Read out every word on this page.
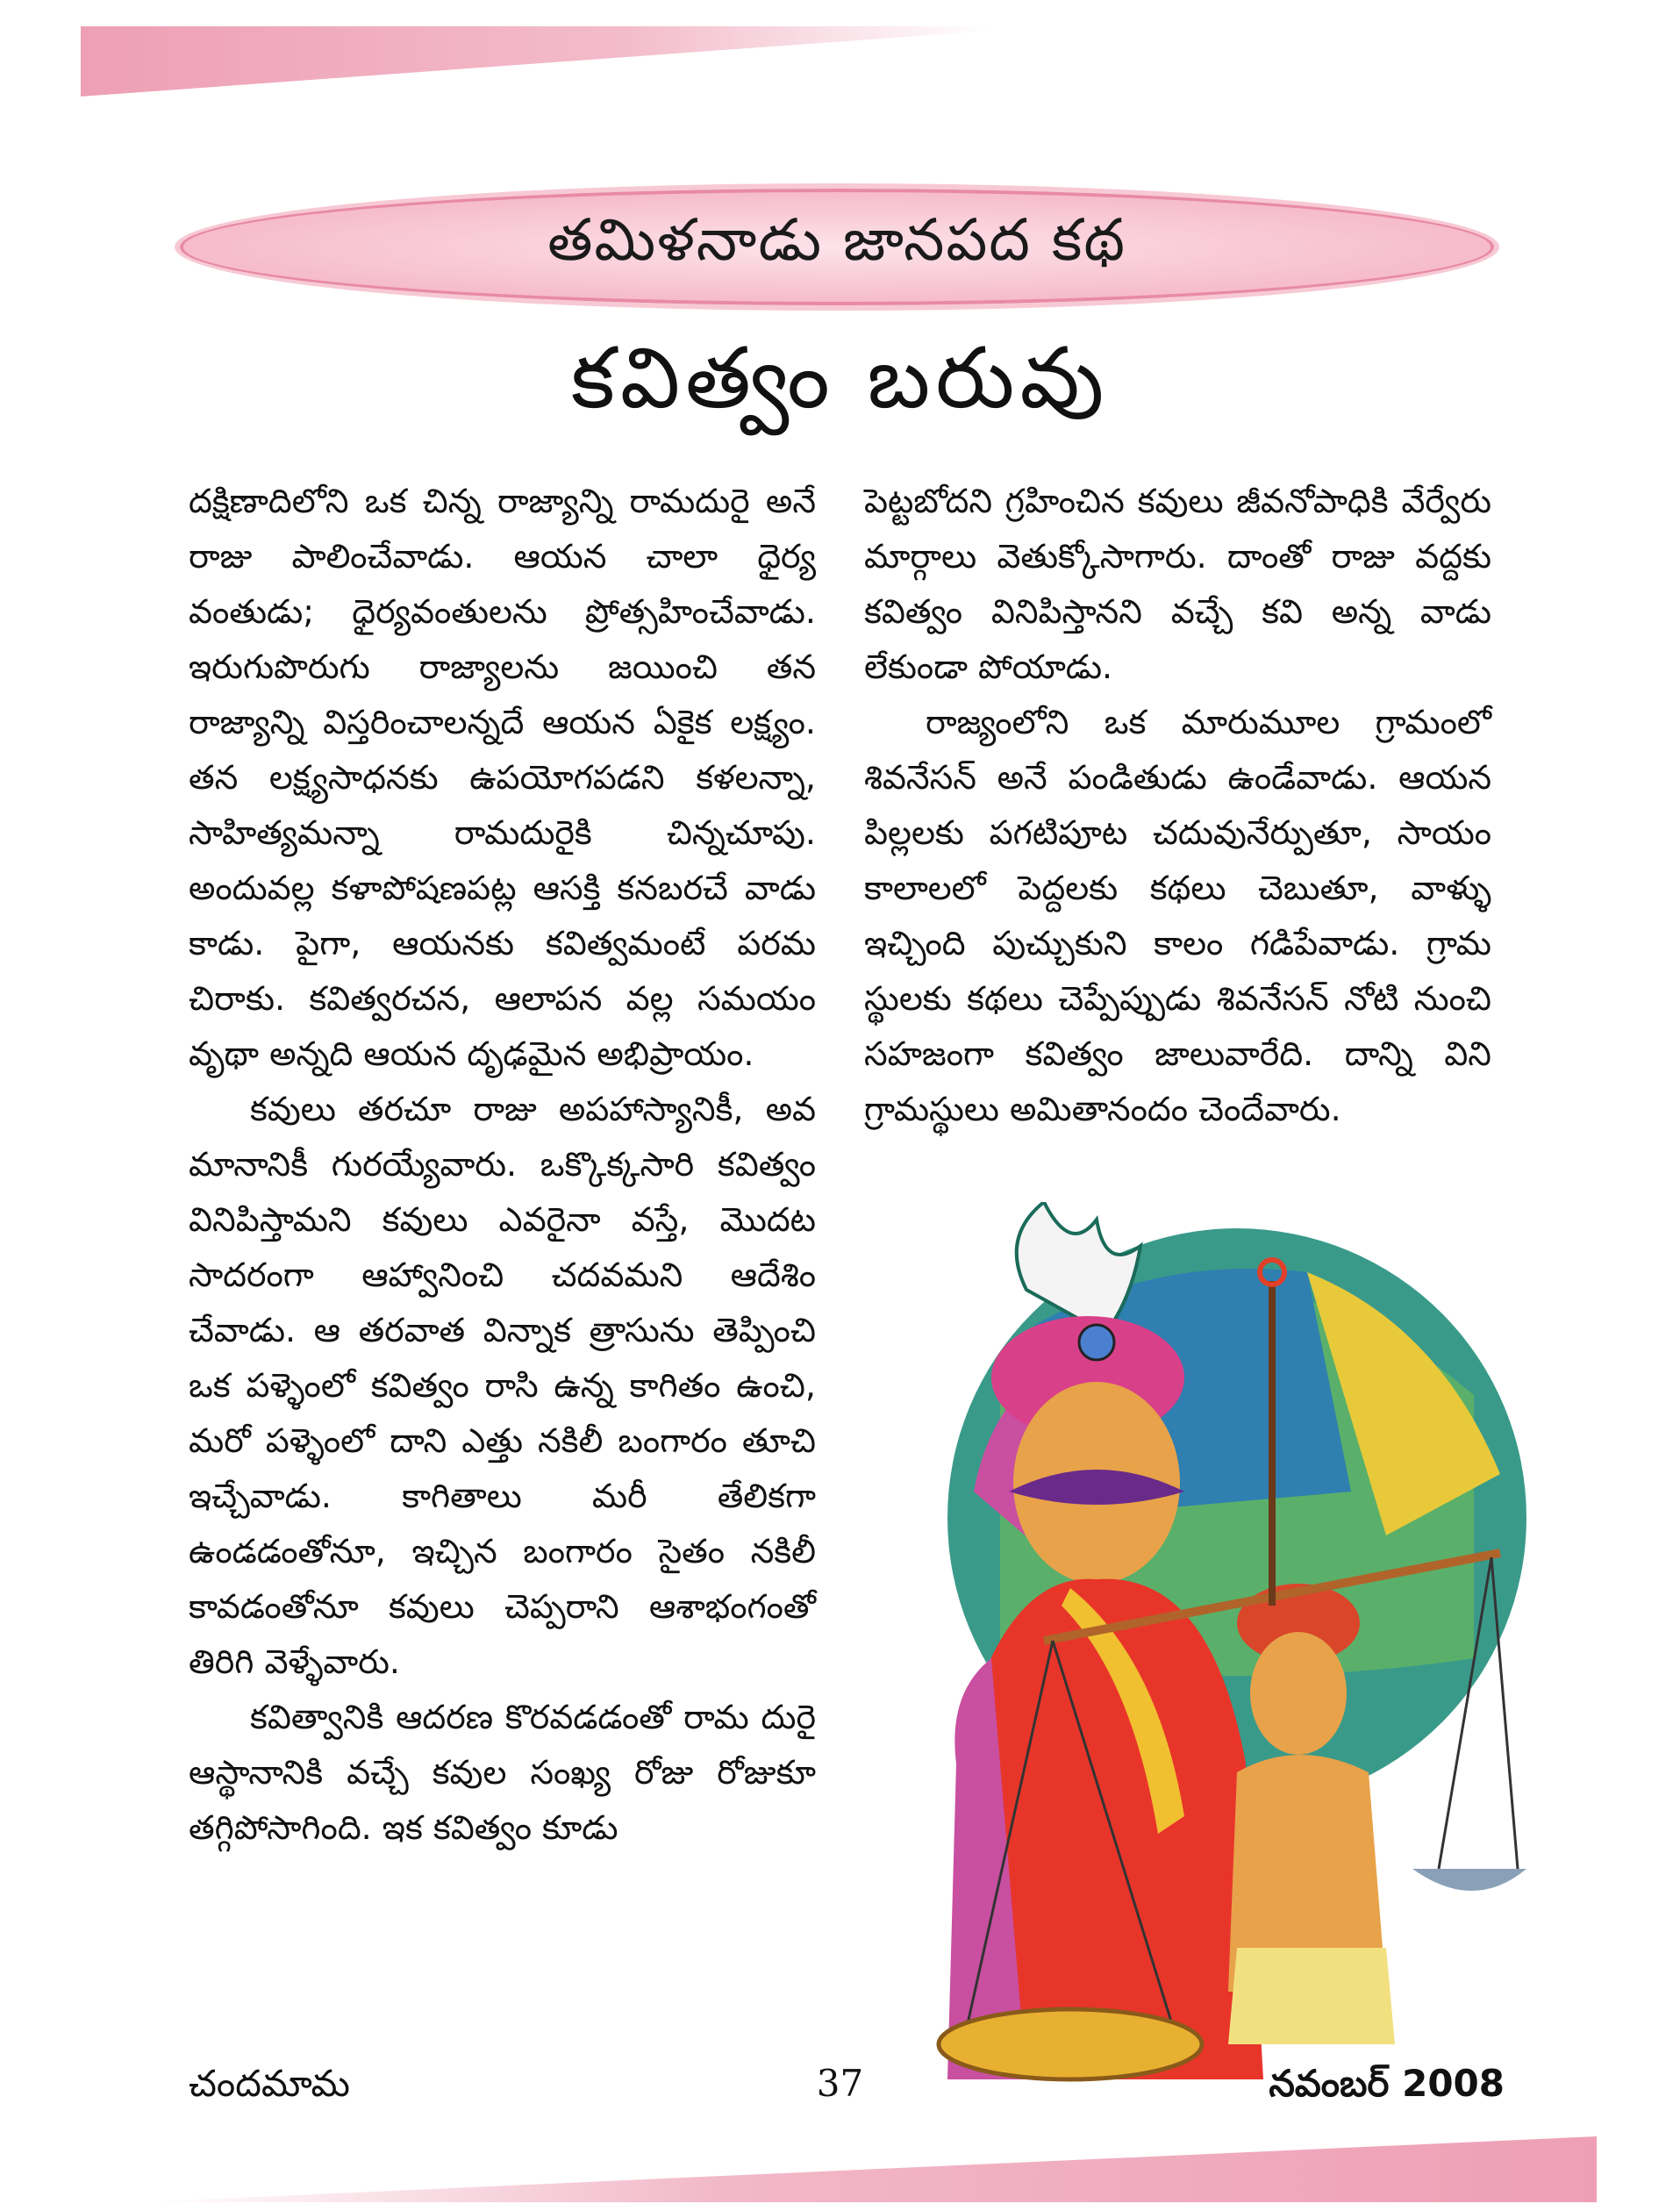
తమిళనాడు జానపద కథ
కవిత్వం బరువు

దక్షిణాదిలోని ఒక చిన్న రాజ్యాన్ని రామదురై అనే రాజు పాలించేవాడు. ఆయన చాలా ధైర్య వంతుడు; ధైర్యవంతులను ప్రోత్సహించేవాడు. ఇరుగుపొరుగు రాజ్యాలను జయించి తన రాజ్యాన్ని విస్తరించాలన్నదే ఆయన ఏకైక లక్ష్యం. తన లక్ష్యసాధనకు ఉపయోగపడని కళలన్నా, సాహిత్యమన్నా రామదురైకి చిన్నచూపు. అందువల్ల కళాపోషణపట్ల ఆసక్తి కనబరచే వాడు కాడు. పైగా, ఆయనకు కవిత్వమంటే పరమ చిరాకు. కవిత్వరచన, ఆలాపన వల్ల సమయం వృథా అన్నది ఆయన దృఢమైన అభిప్రాయం.

కవులు తరచూ రాజు అపహాస్యానికీ, అవ మానానికీ గురయ్యేవారు. ఒక్కొక్కసారి కవిత్వం వినిపిస్తామని కవులు ఎవరైనా వస్తే, మొదట సాదరంగా ఆహ్వానించి చదవమని ఆదేశిం చేవాడు. ఆ తరవాత విన్నాక త్రాసును తెప్పించి ఒక పళ్ళెంలో కవిత్వం రాసి ఉన్న కాగితం ఉంచి, మరో పళ్ళెంలో దాని ఎత్తు నకిలీ బంగారం తూచి ఇచ్చేవాడు. కాగితాలు మరీ తేలికగా ఉండడంతోనూ, ఇచ్చిన బంగారం సైతం నకిలీ కావడంతోనూ కవులు చెప్పరాని ఆశాభంగంతో తిరిగి వెళ్ళేవారు.

కవిత్వానికి ఆదరణ కొరవడడంతో రామ దురై ఆస్థానానికి వచ్చే కవుల సంఖ్య రోజు రోజుకూ తగ్గిపోసాగింది. ఇక కవిత్వం కూడు

పెట్టబోదని గ్రహించిన కవులు జీవనోపాధికి వేర్వేరు మార్గాలు వెతుక్కోసాగారు. దాంతో రాజు వద్దకు కవిత్వం వినిపిస్తానని వచ్చే కవి అన్న వాడు లేకుండా పోయాడు.

రాజ్యంలోని ఒక మారుమూల గ్రామంలో శివనేసన్ అనే పండితుడు ఉండేవాడు. ఆయన పిల్లలకు పగటిపూట చదువునేర్పుతూ, సాయం కాలాలలో పెద్దలకు కథలు చెబుతూ, వాళ్ళు ఇచ్చింది పుచ్చుకుని కాలం గడిపేవాడు. గ్రామ స్థులకు కథలు చెప్పేప్పుడు శివనేసన్ నోటి నుంచి సహజంగా కవిత్వం జాలువారేది. దాన్ని విని గ్రామస్థులు అమితానందం చెందేవారు.

చందమామ	37	నవంబర్ 2008
